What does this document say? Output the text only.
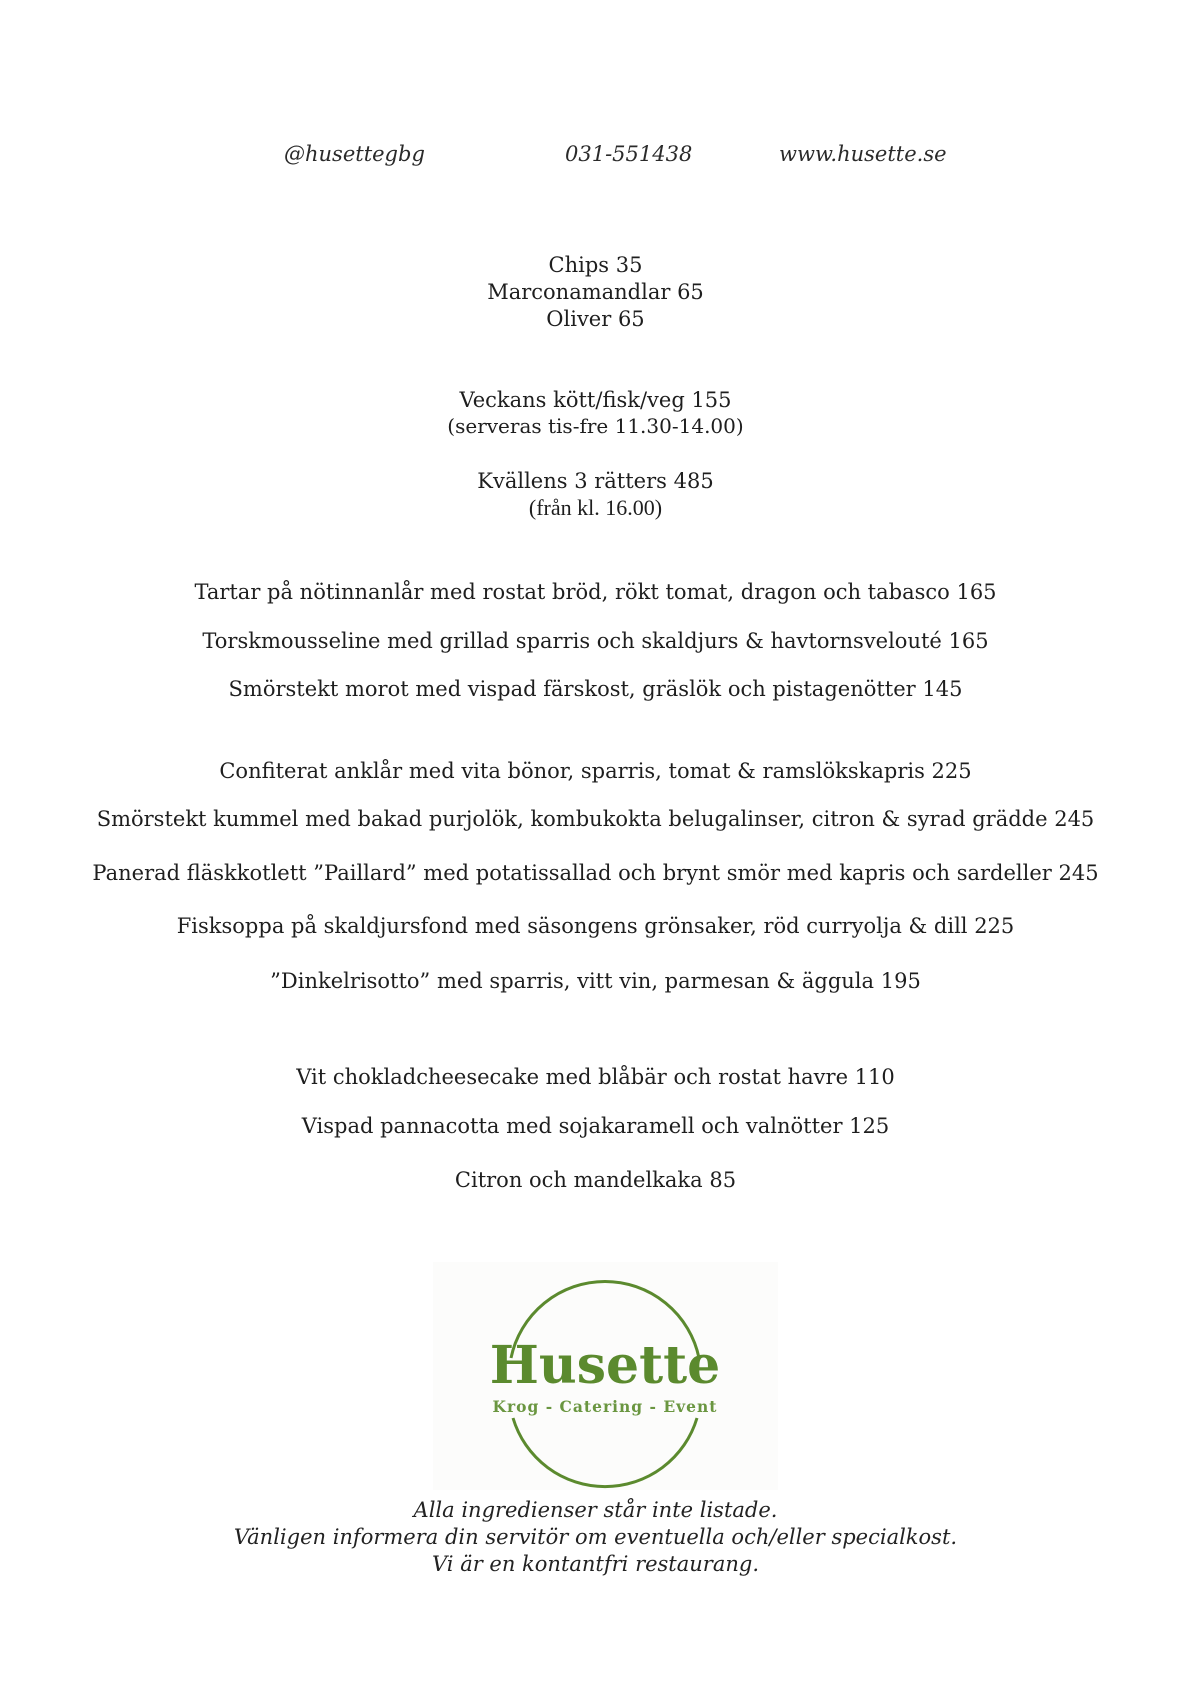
@husettegbg	031-551438	www.husette.se
Chips 35
Marconamandlar 65
Oliver 65
Veckans kött/fisk/veg 155
(serveras tis-fre 11.30-14.00)
Kvällens 3 rätters 485
(från kl. 16.00)
Tartar på nötinnanlår med rostat bröd, rökt tomat, dragon och tabasco 165
Torskmousseline med grillad sparris och skaldjurs & havtornsvelouté 165
Smörstekt morot med vispad färskost, gräslök och pistagenötter 145
Confiterat anklår med vita bönor, sparris, tomat & ramslökskapris 225
Smörstekt kummel med bakad purjolök, kombukokta belugalinser, citron & syrad grädde 245
Panerad fläskkotlett ”Paillard” med potatissallad och brynt smör med kapris och sardeller 245
Fisksoppa på skaldjursfond med säsongens grönsaker, röd curryolja & dill 225
”Dinkelrisotto” med sparris, vitt vin, parmesan & äggula 195
Vit chokladcheesecake med blåbär och rostat havre 110
Vispad pannacotta med sojakaramell och valnötter 125
Citron och mandelkaka 85
Husette
Krog - Catering - Event
Alla ingredienser står inte listade.
Vänligen informera din servitör om eventuella och/eller specialkost.
Vi är en kontantfri restaurang.
